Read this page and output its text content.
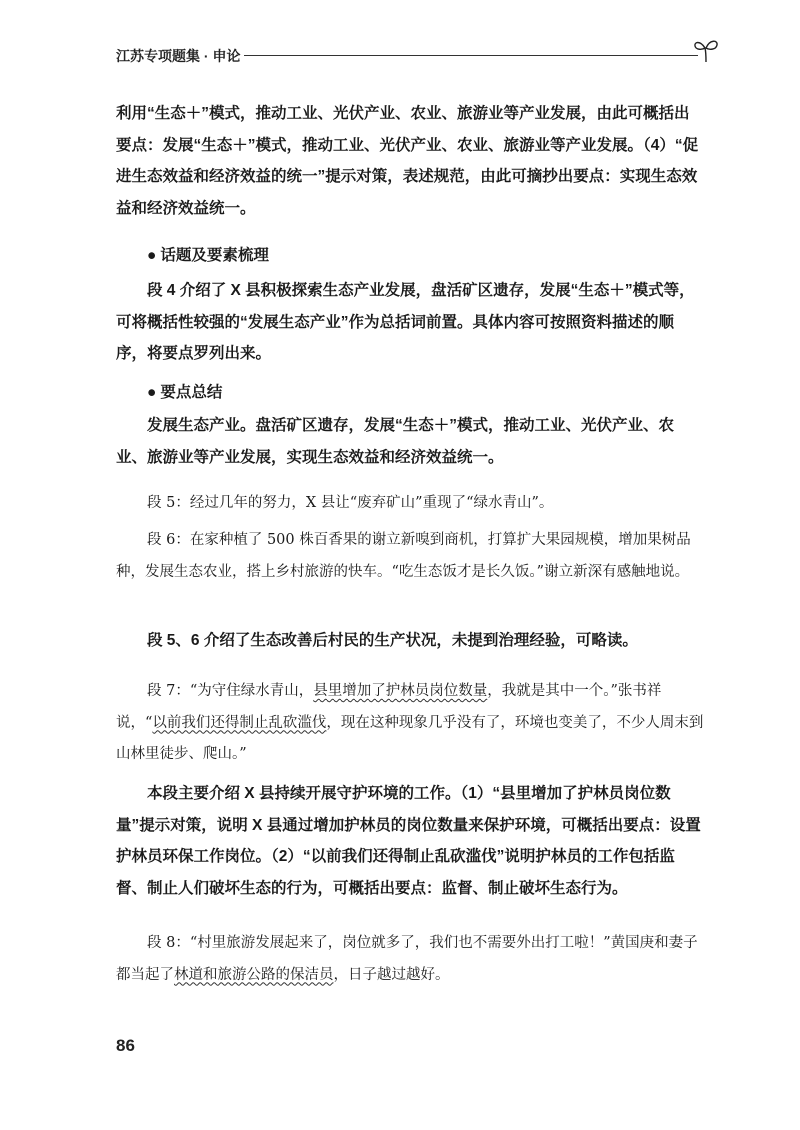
江苏专项题集 · 申论

利用“生态＋”模式，推动工业、光伏产业、农业、旅游业等产业发展，由此可概括出要点：发展“生态＋”模式，推动工业、光伏产业、农业、旅游业等产业发展。（4）“促进生态效益和经济效益的统一”提示对策，表述规范，由此可摘抄出要点：实现生态效益和经济效益统一。

● 话题及要素梳理

段 4 介绍了 X 县积极探索生态产业发展，盘活矿区遗存，发展“生态＋”模式等，可将概括性较强的“发展生态产业”作为总括词前置。具体内容可按照资料描述的顺序，将要点罗列出来。

● 要点总结

发展生态产业。盘活矿区遗存，发展“生态＋”模式，推动工业、光伏产业、农业、旅游业等产业发展，实现生态效益和经济效益统一。

段 5：经过几年的努力，X 县让“废弃矿山”重现了“绿水青山”。

段 6：在家种植了 500 株百香果的谢立新嗅到商机，打算扩大果园规模，增加果树品种，发展生态农业，搭上乡村旅游的快车。“吃生态饭才是长久饭。”谢立新深有感触地说。

段 5、6 介绍了生态改善后村民的生产状况，未提到治理经验，可略读。

段 7：“为守住绿水青山，县里增加了护林员岗位数量，我就是其中一个。”张书祥说，“以前我们还得制止乱砍滥伐，现在这种现象几乎没有了，环境也变美了，不少人周末到山林里徒步、爬山。”

本段主要介绍 X 县持续开展守护环境的工作。（1）“县里增加了护林员岗位数量”提示对策，说明 X 县通过增加护林员的岗位数量来保护环境，可概括出要点：设置护林员环保工作岗位。（2）“以前我们还得制止乱砍滥伐”说明护林员的工作包括监督、制止人们破坏生态的行为，可概括出要点：监督、制止破坏生态行为。

段 8：“村里旅游发展起来了，岗位就多了，我们也不需要外出打工啦！”黄国庚和妻子都当起了林道和旅游公路的保洁员，日子越过越好。

86
